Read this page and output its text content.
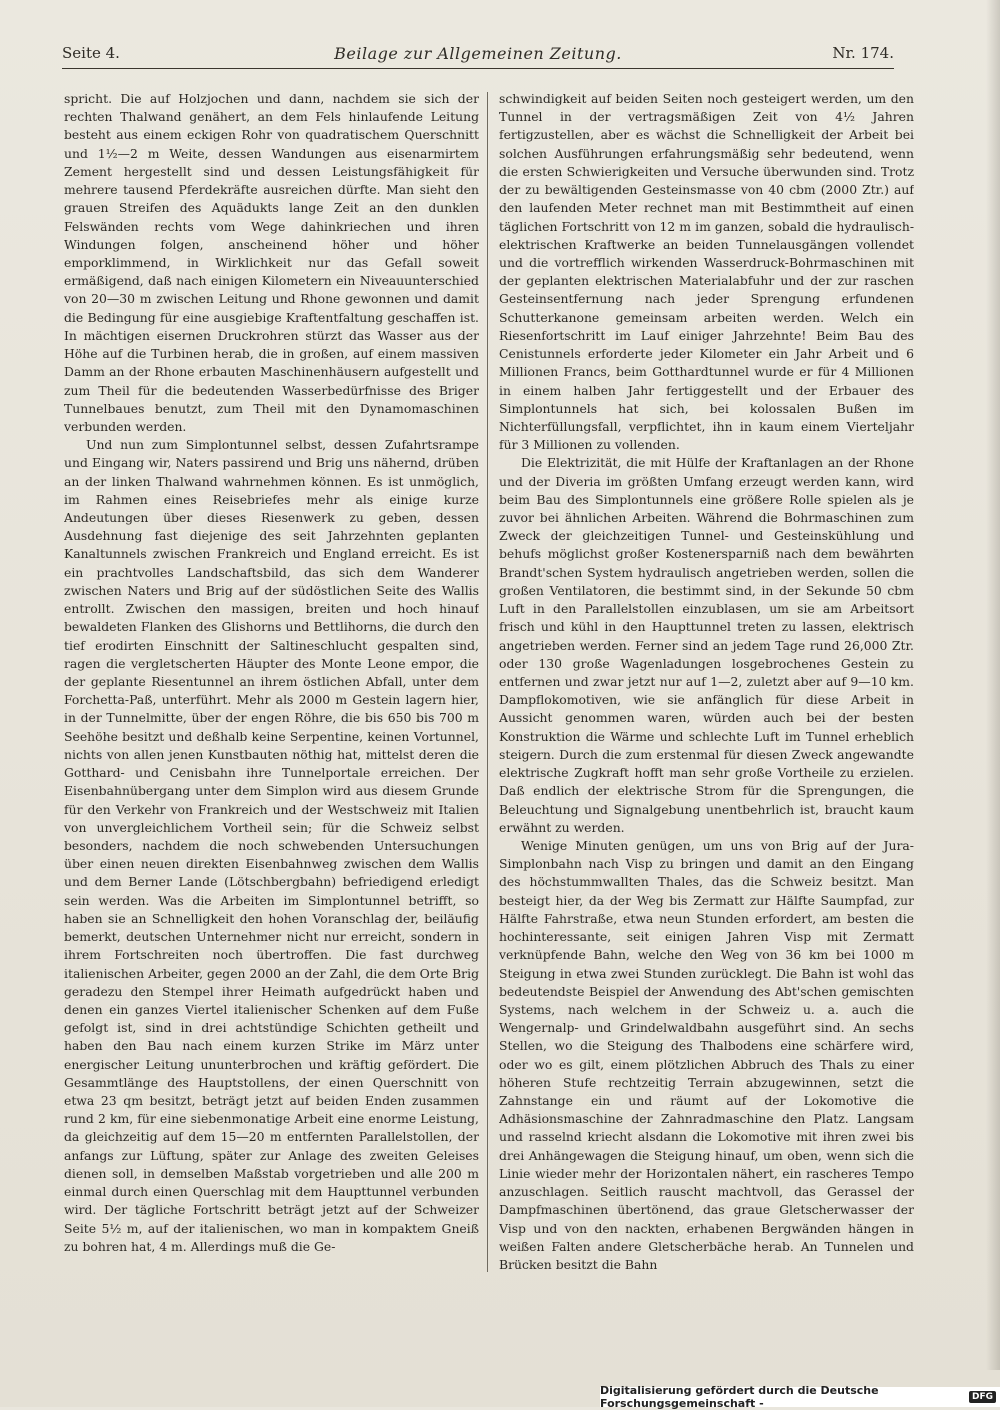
Seite 4.	Beilage zur Allgemeinen Zeitung.	Nr. 174.

spricht. Die auf Holzjochen und dann, nachdem sie sich der rechten Thalwand genähert, an dem Fels hinlaufende Leitung besteht aus einem eckigen Rohr von quadratischem Querschnitt und 1½—2 m Weite, dessen Wandungen aus eisenarmirtem Zement hergestellt sind und dessen Leistungsfähigkeit für mehrere tausend Pferdekräfte ausreichen dürfte. Man sieht den grauen Streifen des Aquädukts lange Zeit an den dunklen Felswänden rechts vom Wege dahinkriechen und ihren Windungen folgen, anscheinend höher und höher emporklimmend, in Wirklichkeit nur das Gefall soweit ermäßigend, daß nach einigen Kilometern ein Niveauunterschied von 20—30 m zwischen Leitung und Rhone gewonnen und damit die Bedingung für eine ausgiebige Kraftentfaltung geschaffen ist. In mächtigen eisernen Druckrohren stürzt das Wasser aus der Höhe auf die Turbinen herab, die in großen, auf einem massiven Damm an der Rhone erbauten Maschinenhäusern aufgestellt und zum Theil für die bedeutenden Wasserbedürfnisse des Briger Tunnelbaues benutzt, zum Theil mit den Dynamomaschinen verbunden werden.

Und nun zum Simplontunnel selbst, dessen Zufahrtsrampe und Eingang wir, Naters passirend und Brig uns nähernd, drüben an der linken Thalwand wahrnehmen können. Es ist unmöglich, im Rahmen eines Reisebriefes mehr als einige kurze Andeutungen über dieses Riesenwerk zu geben, dessen Ausdehnung fast diejenige des seit Jahrzehnten geplanten Kanaltunnels zwischen Frankreich und England erreicht. Es ist ein prachtvolles Landschaftsbild, das sich dem Wanderer zwischen Naters und Brig auf der südöstlichen Seite des Wallis entrollt. Zwischen den massigen, breiten und hoch hinauf bewaldeten Flanken des Glishorns und Bettlihorns, die durch den tief erodirten Einschnitt der Saltineschlucht gespalten sind, ragen die vergletscherten Häupter des Monte Leone empor, die der geplante Riesentunnel an ihrem östlichen Abfall, unter dem Forchetta-Paß, unterführt. Mehr als 2000 m Gestein lagern hier, in der Tunnelmitte, über der engen Röhre, die bis 650 bis 700 m Seehöhe besitzt und deßhalb keine Serpentine, keinen Vortunnel, nichts von allen jenen Kunstbauten nöthig hat, mittelst deren die Gotthard- und Cenisbahn ihre Tunnelportale erreichen. Der Eisenbahnübergang unter dem Simplon wird aus diesem Grunde für den Verkehr von Frankreich und der Westschweiz mit Italien von unvergleichlichem Vortheil sein; für die Schweiz selbst besonders, nachdem die noch schwebenden Untersuchungen über einen neuen direkten Eisenbahnweg zwischen dem Wallis und dem Berner Lande (Lötschbergbahn) befriedigend erledigt sein werden. Was die Arbeiten im Simplontunnel betrifft, so haben sie an Schnelligkeit den hohen Voranschlag der, beiläufig bemerkt, deutschen Unternehmer nicht nur erreicht, sondern in ihrem Fortschreiten noch übertroffen. Die fast durchweg italienischen Arbeiter, gegen 2000 an der Zahl, die dem Orte Brig geradezu den Stempel ihrer Heimath aufgedrückt haben und denen ein ganzes Viertel italienischer Schenken auf dem Fuße gefolgt ist, sind in drei achtstündige Schichten getheilt und haben den Bau nach einem kurzen Strike im März unter energischer Leitung ununterbrochen und kräftig gefördert. Die Gesammtlänge des Hauptstollens, der einen Querschnitt von etwa 23 qm besitzt, beträgt jetzt auf beiden Enden zusammen rund 2 km, für eine siebenmonatige Arbeit eine enorme Leistung, da gleichzeitig auf dem 15—20 m entfernten Parallelstollen, der anfangs zur Lüftung, später zur Anlage des zweiten Geleises dienen soll, in demselben Maßstab vorgetrieben und alle 200 m einmal durch einen Querschlag mit dem Haupttunnel verbunden wird. Der tägliche Fortschritt beträgt jetzt auf der Schweizer Seite 5½ m, auf der italienischen, wo man in kompaktem Gneiß zu bohren hat, 4 m. Allerdings muß die Ge-

schwindigkeit auf beiden Seiten noch gesteigert werden, um den Tunnel in der vertragsmäßigen Zeit von 4½ Jahren fertigzustellen, aber es wächst die Schnelligkeit der Arbeit bei solchen Ausführungen erfahrungsmäßig sehr bedeutend, wenn die ersten Schwierigkeiten und Versuche überwunden sind. Trotz der zu bewältigenden Gesteinsmasse von 40 cbm (2000 Ztr.) auf den laufenden Meter rechnet man mit Bestimmtheit auf einen täglichen Fortschritt von 12 m im ganzen, sobald die hydraulisch-elektrischen Kraftwerke an beiden Tunnelausgängen vollendet und die vortrefflich wirkenden Wasserdruck-Bohrmaschinen mit der geplanten elektrischen Materialabfuhr und der zur raschen Gesteinsentfernung nach jeder Sprengung erfundenen Schutterkanone gemeinsam arbeiten werden. Welch ein Riesenfortschritt im Lauf einiger Jahrzehnte! Beim Bau des Cenistunnels erforderte jeder Kilometer ein Jahr Arbeit und 6 Millionen Francs, beim Gotthardtunnel wurde er für 4 Millionen in einem halben Jahr fertiggestellt und der Erbauer des Simplontunnels hat sich, bei kolossalen Bußen im Nichterfüllungsfall, verpflichtet, ihn in kaum einem Vierteljahr für 3 Millionen zu vollenden.

Die Elektrizität, die mit Hülfe der Kraftanlagen an der Rhone und der Diveria im größten Umfang erzeugt werden kann, wird beim Bau des Simplontunnels eine größere Rolle spielen als je zuvor bei ähnlichen Arbeiten. Während die Bohrmaschinen zum Zweck der gleichzeitigen Tunnel- und Gesteinskühlung und behufs möglichst großer Kostenersparniß nach dem bewährten Brandt'schen System hydraulisch angetrieben werden, sollen die großen Ventilatoren, die bestimmt sind, in der Sekunde 50 cbm Luft in den Parallelstollen einzublasen, um sie am Arbeitsort frisch und kühl in den Haupttunnel treten zu lassen, elektrisch angetrieben werden. Ferner sind an jedem Tage rund 26,000 Ztr. oder 130 große Wagenladungen losgebrochenes Gestein zu entfernen und zwar jetzt nur auf 1—2, zuletzt aber auf 9—10 km. Dampflokomotiven, wie sie anfänglich für diese Arbeit in Aussicht genommen waren, würden auch bei der besten Konstruktion die Wärme und schlechte Luft im Tunnel erheblich steigern. Durch die zum erstenmal für diesen Zweck angewandte elektrische Zugkraft hofft man sehr große Vortheile zu erzielen. Daß endlich der elektrische Strom für die Sprengungen, die Beleuchtung und Signalgebung unentbehrlich ist, braucht kaum erwähnt zu werden.

Wenige Minuten genügen, um uns von Brig auf der Jura-Simplonbahn nach Visp zu bringen und damit an den Eingang des höchstummwallten Thales, das die Schweiz besitzt. Man besteigt hier, da der Weg bis Zermatt zur Hälfte Saumpfad, zur Hälfte Fahrstraße, etwa neun Stunden erfordert, am besten die hochinteressante, seit einigen Jahren Visp mit Zermatt verknüpfende Bahn, welche den Weg von 36 km bei 1000 m Steigung in etwa zwei Stunden zurücklegt. Die Bahn ist wohl das bedeutendste Beispiel der Anwendung des Abt'schen gemischten Systems, nach welchem in der Schweiz u. a. auch die Wengernalp- und Grindelwaldbahn ausgeführt sind. An sechs Stellen, wo die Steigung des Thalbodens eine schärfere wird, oder wo es gilt, einem plötzlichen Abbruch des Thals zu einer höheren Stufe rechtzeitig Terrain abzugewinnen, setzt die Zahnstange ein und räumt auf der Lokomotive die Adhäsionsmaschine der Zahnradmaschine den Platz. Langsam und rasselnd kriecht alsdann die Lokomotive mit ihren zwei bis drei Anhängewagen die Steigung hinauf, um oben, wenn sich die Linie wieder mehr der Horizontalen nähert, ein rascheres Tempo anzuschlagen. Seitlich rauscht machtvoll, das Gerassel der Dampfmaschinen übertönend, das graue Gletscherwasser der Visp und von den nackten, erhabenen Bergwänden hängen in weißen Falten andere Gletscherbäche herab. An Tunnelen und Brücken besitzt die Bahn

Digitalisierung gefördert durch die Deutsche Forschungsgemeinschaft -	DFG
